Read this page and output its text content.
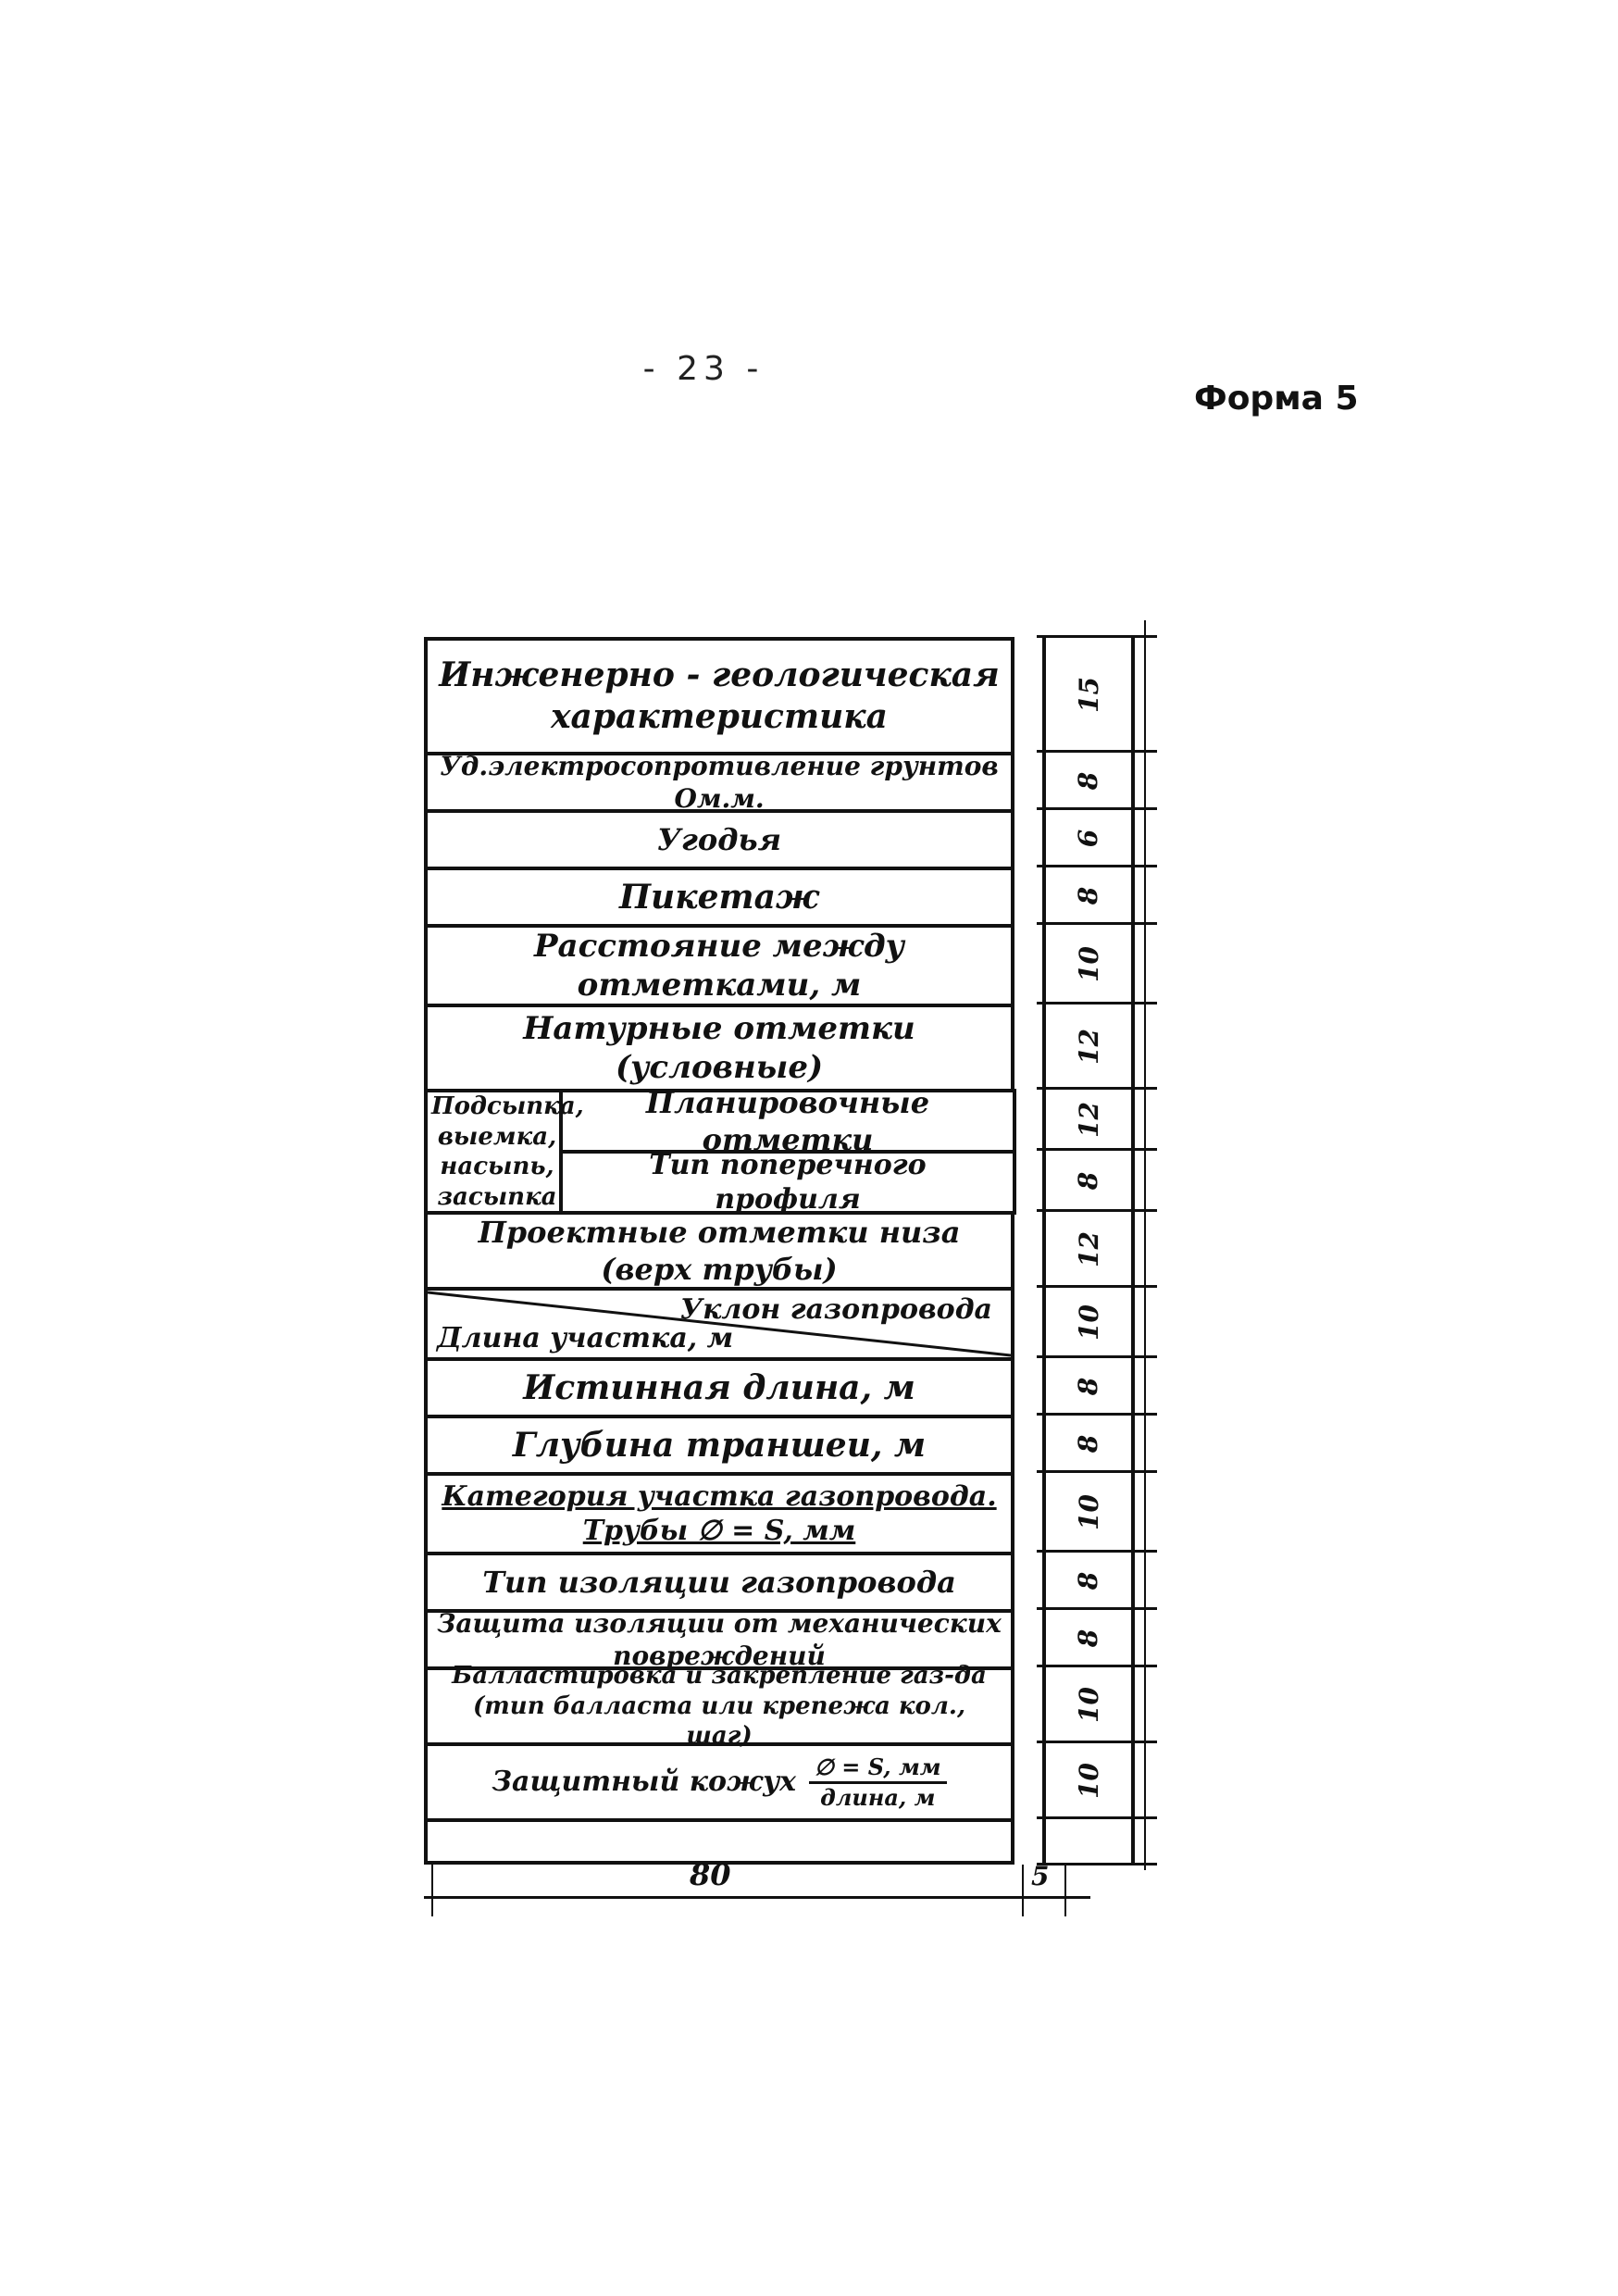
- 23 -
Форма 5
Инженерно - геологическая характеристика
Уд.электросопротивление грунтов Ом.м.
Угодья
Пикетаж
Расстояние между отметками, м
Натурные отметки (условные)
Подсыпка, выемка, насыпь, засыпка
Планировочные отметки
Тип поперечного профиля
Проектные отметки низа (верх трубы)
Уклон газопровода
Длина участка, м
Истинная длина, м
Глубина траншеи, м
Категория участка газопровода. Трубы ∅ = S, мм
Тип изоляции газопровода
Защита изоляции от механических повреждений
Балластировка и закрепление газ-да (тип балласта или крепежа кол., шаг)
Защитный кожух ∅ = S, мм
длина, м
15
8
6
8
10
12
12
8
12
10
8
8
10
8
8
10
10
80	5
